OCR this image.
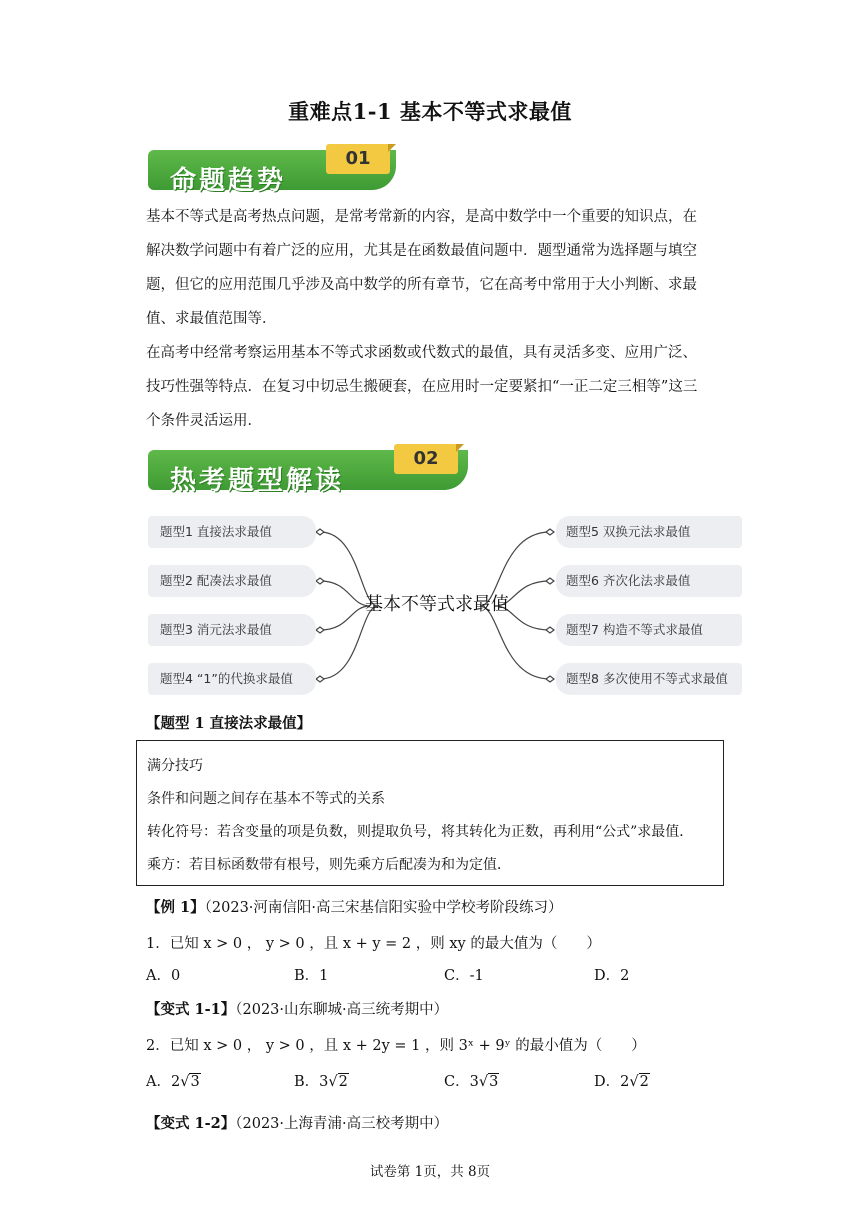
重难点1-1 基本不等式求最值
命题趋势
01
基本不等式是高考热点问题，是常考常新的内容，是高中数学中一个重要的知识点，在
解决数学问题中有着广泛的应用，尤其是在函数最值问题中．题型通常为选择题与填空
题，但它的应用范围几乎涉及高中数学的所有章节，它在高考中常用于大小判断、求最
值、求最值范围等．
在高考中经常考察运用基本不等式求函数或代数式的最值，具有灵活多变、应用广泛、
技巧性强等特点．在复习中切忌生搬硬套，在应用时一定要紧扣“一正二定三相等”这三
个条件灵活运用．
热考题型解读
02
题型1 直接法求最值
题型2 配凑法求最值
题型3 消元法求最值
题型4 “1”的代换求最值
题型5 双换元法求最值
题型6 齐次化法求最值
题型7 构造不等式求最值
题型8 多次使用不等式求最值
基本不等式求最值
【题型 1 直接法求最值】
满分技巧
条件和问题之间存在基本不等式的关系
转化符号：若含变量的项是负数，则提取负号，将其转化为正数，再利用“公式”求最值．
乘方：若目标函数带有根号，则先乘方后配凑为和为定值．
【例 1】（2023·河南信阳·高三宋基信阳实验中学校考阶段练习）
1．已知 x > 0 ， y > 0 ，且 x + y = 2 ，则 xy 的最大值为（　　）
A．0	B．1	C．-1	D．2
【变式 1-1】（2023·山东聊城·高三统考期中）
2．已知 x > 0 ， y > 0 ，且 x + 2y = 1 ，则 3ˣ + 9ʸ 的最小值为（　　）
A．2√3	B．3√2	C．3√3	D．2√2
【变式 1-2】（2023·上海青浦·高三校考期中）
试卷第 1页，共 8页
